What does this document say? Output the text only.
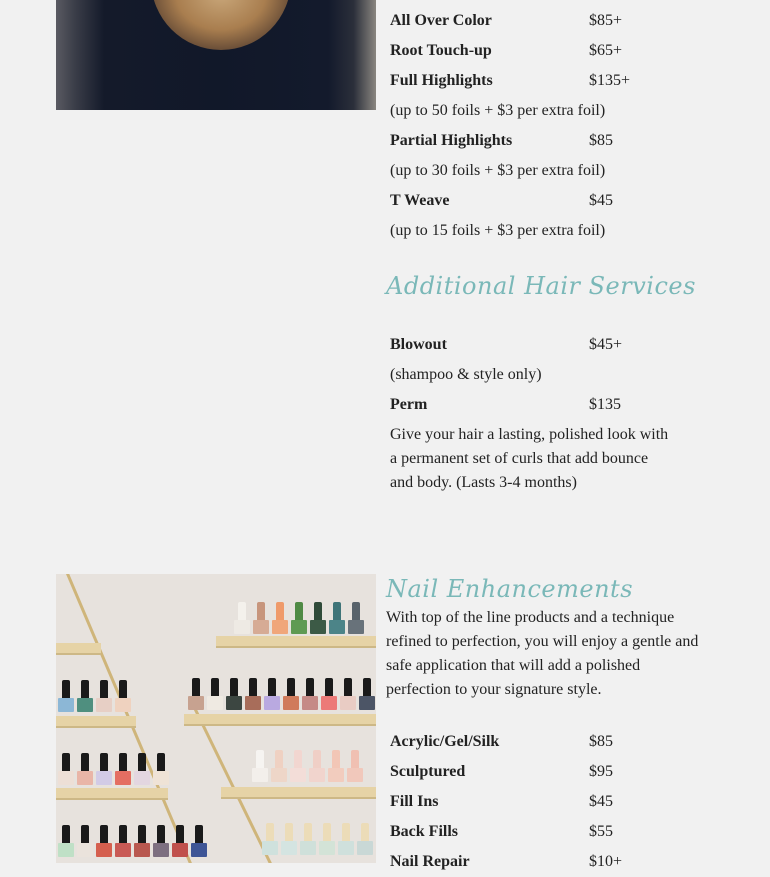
All Over Color	$85+
Root Touch-up	$65+
Full Highlights	$135+
(up to 50 foils + $3 per extra foil)
Partial Highlights	$85
(up to 30 foils + $3 per extra foil)
T Weave	$45
(up to 15 foils + $3 per extra foil)
Additional Hair Services
Blowout	$45+
(shampoo & style only)
Perm	$135
Give your hair a lasting, polished look with a permanent set of curls that add bounce and body. (Lasts 3-4 months)
Nail Enhancements
With top of the line products and a technique refined to perfection, you will enjoy a gentle and safe application that will add a polished perfection to your signature style.
Acrylic/Gel/Silk	$85
Sculptured	$95
Fill Ins	$45
Back Fills	$55
Nail Repair	$10+
